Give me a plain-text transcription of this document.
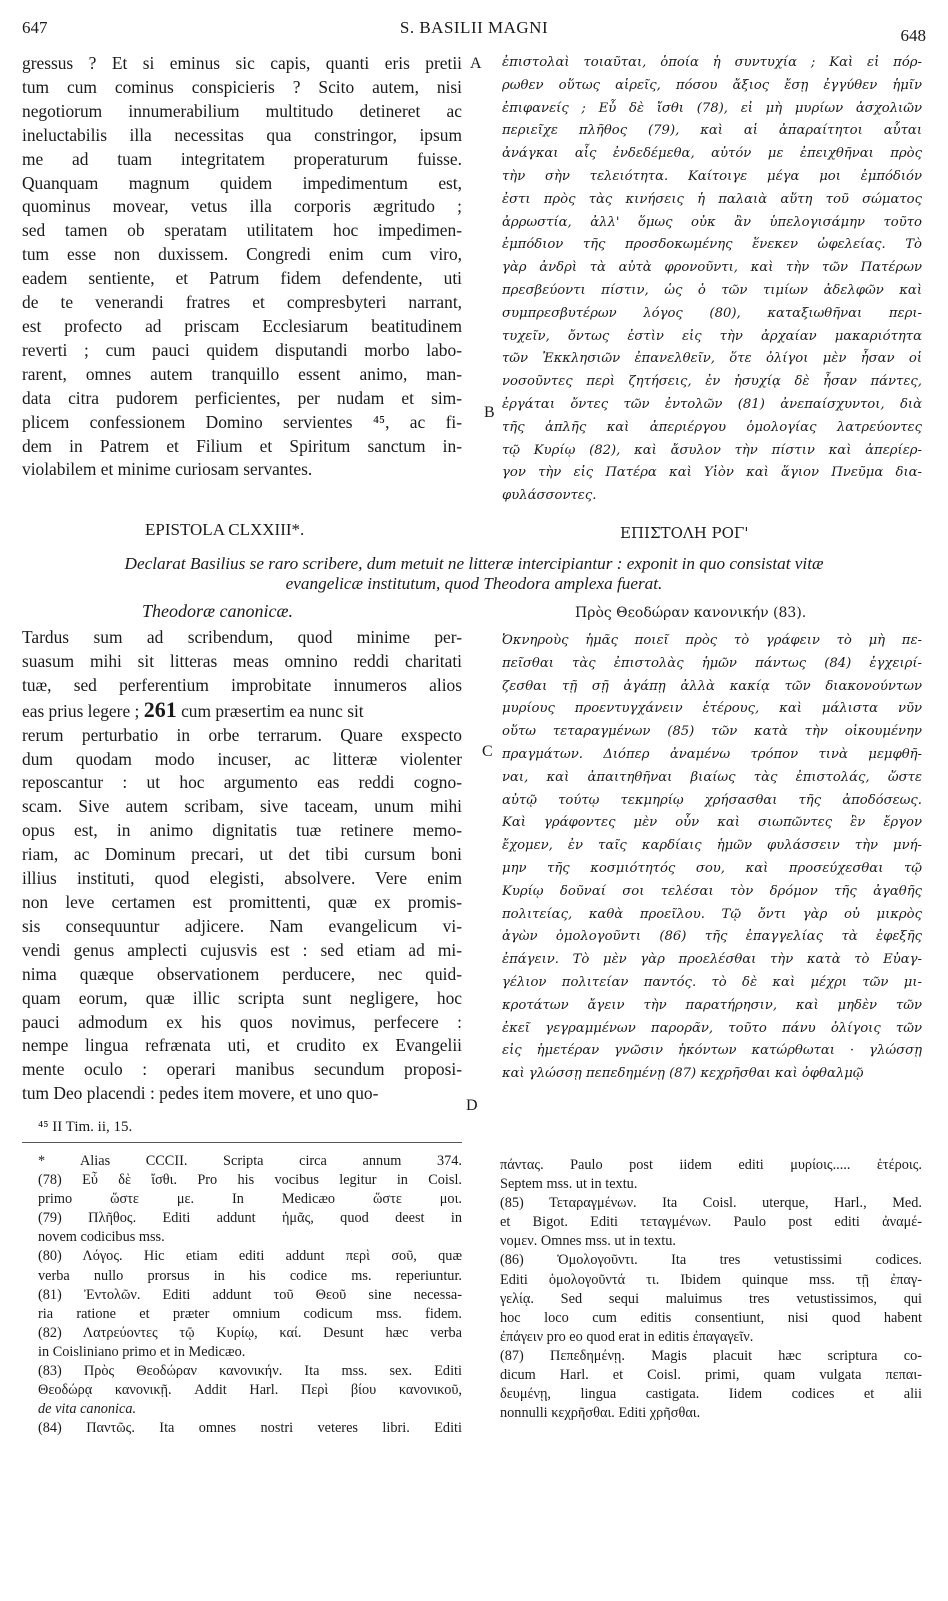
647	S. BASILII MAGNI	648
gressus ? Et si eminus sic capis, quanti eris pretii
tum cum cominus conspicieris ? Scito autem, nisi
negotiorum innumerabilium multitudo detineret ac
ineluctabilis illa necessitas qua constringor, ipsum
me ad tuam integritatem properaturum fuisse.
Quanquam magnum quidem impedimentum est,
quominus movear, vetus illa corporis ægritudo ;
sed tamen ob speratam utilitatem hoc impedimen-
tum esse non duxissem. Congredi enim cum viro,
eadem sentiente, et Patrum fidem defendente, uti
de te venerandi fratres et compresbyteri narrant,
est profecto ad priscam Ecclesiarum beatitudinem
reverti ; cum pauci quidem disputandi morbo labo-
rarent, omnes autem tranquillo essent animo, man-
data citra pudorem perficientes, per nudam et sim-
plicem confessionem Domino servientes ⁴⁵, ac fi-
dem in Patrem et Filium et Spiritum sanctum in-
violabilem et minime curiosam servantes.
A
B
ἐπιστολαὶ τοιαῦται, ὁποία ἡ συντυχία ; Καὶ εἰ πόρ-
ρωθεν οὕτως αἱρεῖς, πόσου ἄξιος ἔσῃ ἐγγύθεν ἡμῖν
ἐπιφανείς ; Εὖ δὲ ἴσθι (78), εἰ μὴ μυρίων ἀσχολιῶν
περιεῖχε πλῆθος (79), καὶ αἱ ἀπαραίτητοι αὗται
ἀνάγκαι αἷς ἐνδεδέμεθα, αὐτόν με ἐπειχθῆναι πρὸς
τὴν σὴν τελειότητα. Καίτοιγε μέγα μοι ἐμπόδιόν
ἐστι πρὸς τὰς κινήσεις ἡ παλαιὰ αὕτη τοῦ σώματος
ἀρρωστία, ἀλλ' ὅμως οὐκ ἂν ὑπελογισάμην τοῦτο
ἐμπόδιον τῆς προσδοκωμένης ἕνεκεν ὠφελείας. Τὸ
γὰρ ἀνδρὶ τὰ αὐτὰ φρονοῦντι, καὶ τὴν τῶν Πατέρων
πρεσβεύοντι πίστιν, ὡς ὁ τῶν τιμίων ἀδελφῶν καὶ
συμπρεσβυτέρων λόγος (80), καταξιωθῆναι περι-
τυχεῖν, ὄντως ἐστὶν εἰς τὴν ἀρχαίαν μακαριότητα
τῶν Ἐκκλησιῶν ἐπανελθεῖν, ὅτε ὀλίγοι μὲν ἦσαν οἱ
νοσοῦντες περὶ ζητήσεις, ἐν ἡσυχίᾳ δὲ ἦσαν πάντες,
ἐργάται ὄντες τῶν ἐντολῶν (81) ἀνεπαίσχυντοι, διὰ
τῆς ἁπλῆς καὶ ἀπεριέργου ὁμολογίας λατρεύοντες
τῷ Κυρίῳ (82), καὶ ἄσυλον τὴν πίστιν καὶ ἀπερίερ-
γον τὴν εἰς Πατέρα καὶ Υἱὸν καὶ ἅγιον Πνεῦμα δια-
φυλάσσοντες.
EPISTOLA CLXXIII*.	ΕΠΙΣΤΟΛΗ ΡΟΓ'
Declarat Basilius se raro scribere, dum metuit ne litteræ intercipiantur : exponit in quo consistat vitæ
evangelicæ institutum, quod Theodora amplexa fuerat.
Theodoræ canonicæ.	Πρὸς Θεοδώραν κανονικήν (83).
Tardus sum ad scribendum, quod minime per-
suasum mihi sit litteras meas omnino reddi charitati
tuæ, sed perferentium improbitate innumeros alios
eas prius legere ; 261 cum præsertim ea nunc sit
rerum perturbatio in orbe terrarum. Quare exspecto
dum quodam modo incuser, ac litteræ violenter
reposcantur : ut hoc argumento eas reddi cogno-
scam. Sive autem scribam, sive taceam, unum mihi
opus est, in animo dignitatis tuæ retinere memo-
riam, ac Dominum precari, ut det tibi cursum boni
illius instituti, quod elegisti, absolvere. Vere enim
non leve certamen est promittenti, quæ ex promis-
sis consequuntur adjicere. Nam evangelicum vi-
vendi genus amplecti cujusvis est : sed etiam ad mi-
nima quæque observationem perducere, nec quid-
quam eorum, quæ illic scripta sunt negligere, hoc
pauci admodum ex his quos novimus, perfecere :
nempe lingua refrænata uti, et crudito ex Evangelii
mente oculo : operari manibus secundum proposi-
tum Deo placendi : pedes item movere, et uno quo-
C
D
Ὀκνηροὺς ἡμᾶς ποιεῖ πρὸς τὸ γράφειν τὸ μὴ πε-
πεῖσθαι τὰς ἐπιστολὰς ἡμῶν πάντως (84) ἐγχειρί-
ζεσθαι τῇ σῇ ἀγάπῃ ἀλλὰ κακίᾳ τῶν διακονούντων
μυρίους προεντυγχάνειν ἑτέρους, καὶ μάλιστα νῦν
οὕτω τεταραγμένων (85) τῶν κατὰ τὴν οἰκουμένην
πραγμάτων. Διόπερ ἀναμένω τρόπον τινὰ μεμφθῆ-
ναι, καὶ ἀπαιτηθῆναι βιαίως τὰς ἐπιστολάς, ὥστε
αὐτῷ τούτῳ τεκμηρίῳ χρήσασθαι τῆς ἀποδόσεως.
Καὶ γράφοντες μὲν οὖν καὶ σιωπῶντες ἓν ἔργον
ἔχομεν, ἐν ταῖς καρδίαις ἡμῶν φυλάσσειν τὴν μνή-
μην τῆς κοσμιότητός σου, καὶ προσεύχεσθαι τῷ
Κυρίῳ δοῦναί σοι τελέσαι τὸν δρόμον τῆς ἀγαθῆς
πολιτείας, καθὰ προεῖλου. Τῷ ὄντι γὰρ οὐ μικρὸς
ἀγὼν ὁμολογοῦντι (86) τῆς ἐπαγγελίας τὰ ἐφεξῆς
ἐπάγειν. Τὸ μὲν γὰρ προελέσθαι τὴν κατὰ τὸ Εὐαγ-
γέλιον πολιτείαν παντός. τὸ δὲ καὶ μέχρι τῶν μι-
κροτάτων ἄγειν τὴν παρατήρησιν, καὶ μηδὲν τῶν
ἐκεῖ γεγραμμένων παρορᾶν, τοῦτο πάνυ ὀλίγοις τῶν
εἰς ἡμετέραν γνῶσιν ἡκόντων κατώρθωται · γλώσσῃ
καὶ γλώσσῃ πεπεδημένῃ (87) κεχρῆσθαι καὶ ὀφθαλμῷ
⁴⁵ II Tim. ii, 15.
* Alias CCCII. Scripta circa annum 374.
(78) Εὖ δὲ ἴσθι. Pro his vocibus legitur in Coisl.
primo ὥστε με. In Medicæo ὥστε μοι.
(79) Πλῆθος. Editi addunt ἡμᾶς, quod deest in
novem codicibus mss.
(80) Λόγος. Hic etiam editi addunt περὶ σοῦ, quæ
verba nullo prorsus in his codice ms. reperiuntur.
(81) Ἐντολῶν. Editi addunt τοῦ Θεοῦ sine necessa-
ria ratione et præter omnium codicum mss. fidem.
(82) Λατρεύοντες τῷ Κυρίῳ, καί. Desunt hæc verba
in Coisliniano primo et in Medicæo.
(83) Πρὸς Θεοδώραν κανονικήν. Ita mss. sex. Editi
Θεοδώρᾳ κανονικῇ. Addit Harl. Περὶ βίου κανονικοῦ,
de vita canonica.
(84) Παντῶς. Ita omnes nostri veteres libri. Editi
πάντας. Paulo post iidem editi μυρίοις..... ἑτέροις.
Septem mss. ut in textu.
(85) Τεταραγμένων. Ita Coisl. uterque, Harl., Med.
et Bigot. Editi τεταγμένων. Paulo post editi ἀναμέ-
νομεν. Omnes mss. ut in textu.
(86) Ὁμολογοῦντι. Ita tres vetustissimi codices.
Editi ὁμολογοῦντά τι. Ibidem quinque mss. τῇ ἐπαγ-
γελίᾳ. Sed sequi maluimus tres vetustissimos, qui
hoc loco cum editis consentiunt, nisi quod habent
ἐπάγειν pro eo quod erat in editis ἐπαγαγεῖν.
(87) Πεπεδημένῃ. Magis placuit hæc scriptura co-
dicum Harl. et Coisl. primi, quam vulgata πεπαι-
δευμένῃ, lingua castigata. Iidem codices et alii
nonnulli κεχρῆσθαι. Editi χρῆσθαι.
